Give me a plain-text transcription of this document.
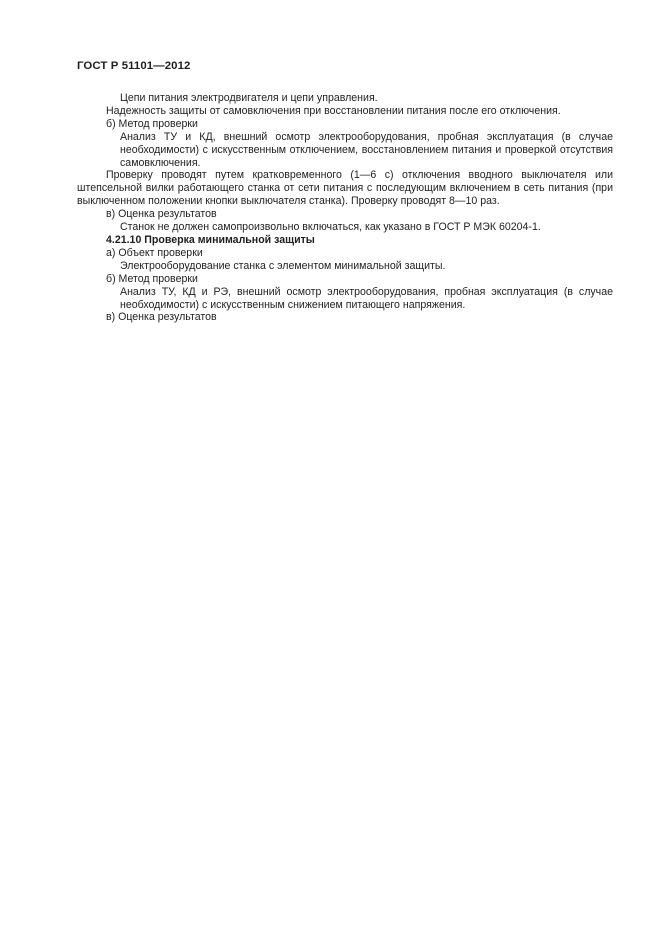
ГОСТ Р 51101—2012

Цепи питания электродвигателя и цепи управления.

Надежность защиты от самовключения при восстановлении питания после его отключения.

б) Метод проверки

Анализ ТУ и КД, внешний осмотр электрооборудования, пробная эксплуатация (в случае необходимости) с искусственным отключением, восстановлением питания и проверкой отсутствия самовключения.

Проверку проводят путем кратковременного (1—6 с) отключения вводного выключателя или штепсельной вилки работающего станка от сети питания с последующим включением в сеть питания (при выключенном положении кнопки выключателя станка). Проверку проводят 8—10 раз.

в) Оценка результатов

Станок не должен самопроизвольно включаться, как указано в ГОСТ Р МЭК 60204-1.

4.21.10 Проверка минимальной защиты

а) Объект проверки

Электрооборудование станка с элементом минимальной защиты.

б) Метод проверки

Анализ ТУ, КД и РЭ, внешний осмотр электрооборудования, пробная эксплуатация (в случае необходимости) с искусственным снижением питающего напряжения.

в) Оценка результатов
